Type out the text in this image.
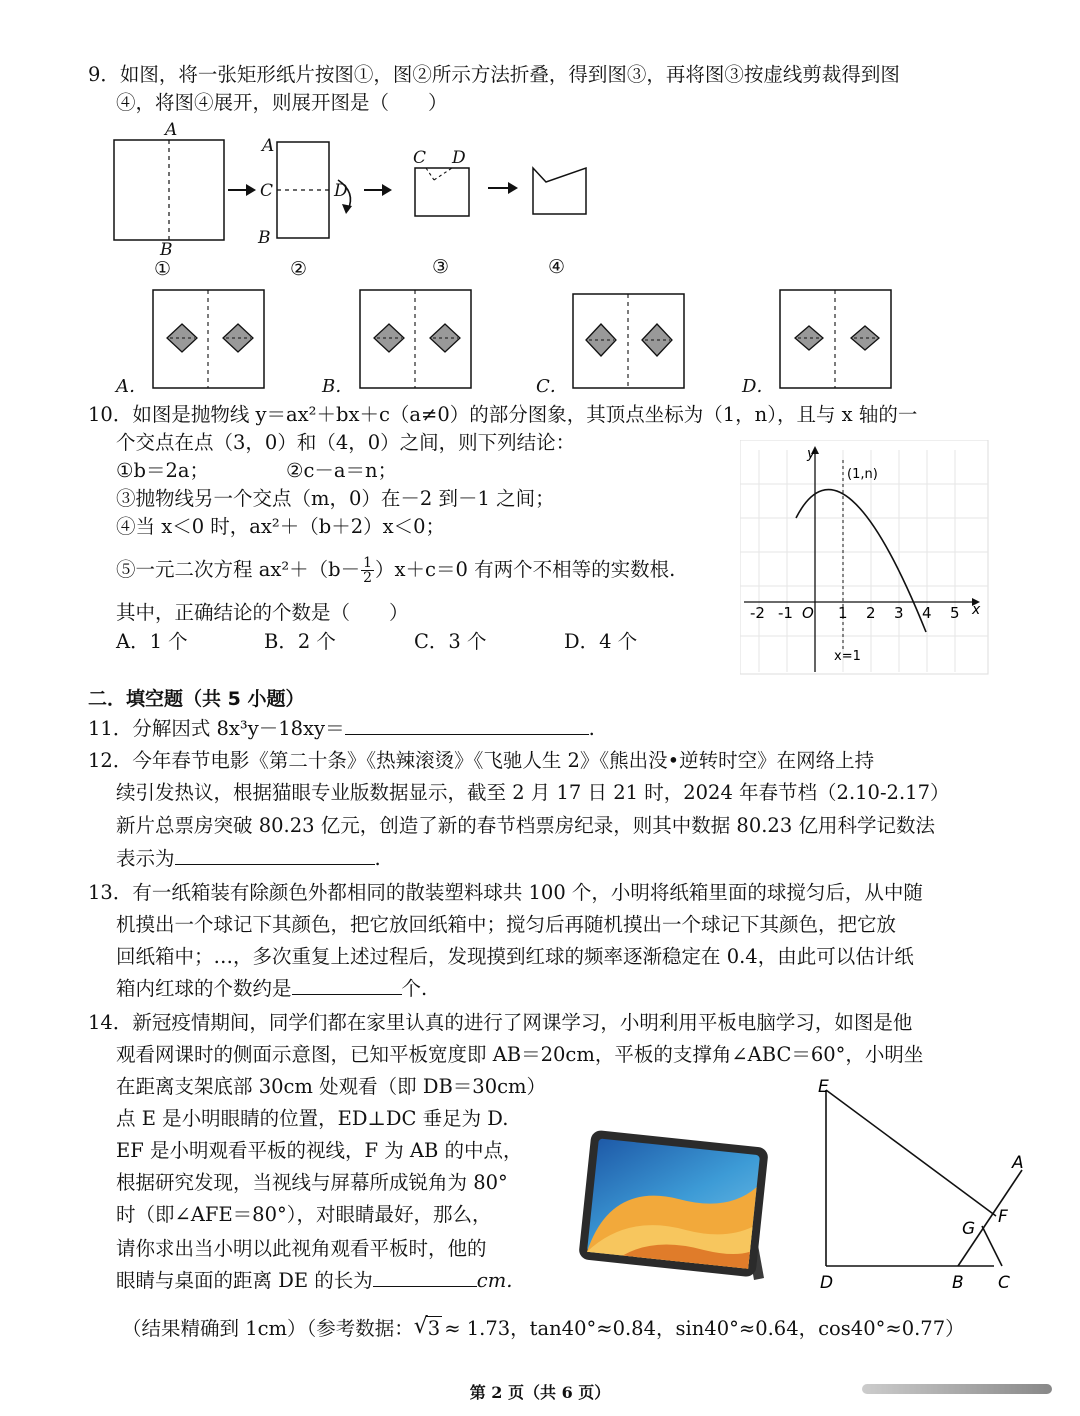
9．如图，将一张矩形纸片按图①，图②所示方法折叠，得到图③，再将图③按虚线剪裁得到图
④，将图④展开，则展开图是（　　）
A
B
A
C	D
B
C D
①	②	③	④
A．	B．	C．	D．
10．如图是抛物线 y＝ax²＋bx＋c（a≠0）的部分图象，其顶点坐标为（1，n），且与 x 轴的一
个交点在点（3，0）和（4，0）之间，则下列结论：
①b＝2a；	②c－a＝n；
③抛物线另一个交点（m，0）在－2 到－1 之间；
④当 x＜0 时，ax²＋（b＋2）x＜0；
⑤一元二次方程 $ax^2+(b- \frac{1}{2} )x+c=0$ 有两个不相等的实数根.
其中，正确结论的个数是（　　）
A．1 个	B．2 个	C．3 个	D．4 个
y
x
(1,n)
x=1
O
-2 -1	1 2 3 4 5
二．填空题（共 5 小题）
11．分解因式 8x³y－18xy＝	.
12．今年春节电影《第二十条》《热辣滚烫》《飞驰人生 2》《熊出没•逆转时空》在网络上持
续引发热议，根据猫眼专业版数据显示，截至 2 月 17 日 21 时，2024 年春节档（2.10-2.17）
新片总票房突破 80.23 亿元，创造了新的春节档票房纪录，则其中数据 80.23 亿用科学记数法
表示为	.
13．有一纸箱装有除颜色外都相同的散装塑料球共 100 个，小明将纸箱里面的球搅匀后，从中随
机摸出一个球记下其颜色，把它放回纸箱中；搅匀后再随机摸出一个球记下其颜色，把它放
回纸箱中；…，多次重复上述过程后，发现摸到红球的频率逐渐稳定在 0.4，由此可以估计纸
箱内红球的个数约是	个.
14．新冠疫情期间，同学们都在家里认真的进行了网课学习，小明利用平板电脑学习，如图是他
观看网课时的侧面示意图，已知平板宽度即 AB＝20cm，平板的支撑角∠ABC＝60°，小明坐
在距离支架底部 30cm 处观看（即 DB＝30cm）
点 E 是小明眼睛的位置，ED⊥DC 垂足为 D.
EF 是小明观看平板的视线，F 为 AB 的中点，
根据研究发现，当视线与屏幕所成锐角为 80°
时（即∠AFE＝80°），对眼睛最好，那么，
请你求出当小明以此视角观看平板时，他的
眼睛与桌面的距离 DE 的长为	cm.
E
A
F
G
D	B C
（结果精确到 1cm）（参考数据： √ 3 ≈ 1.73，tan40°≈0.84，sin40°≈0.64，cos40°≈0.77）
第 2 页（共 6 页）
